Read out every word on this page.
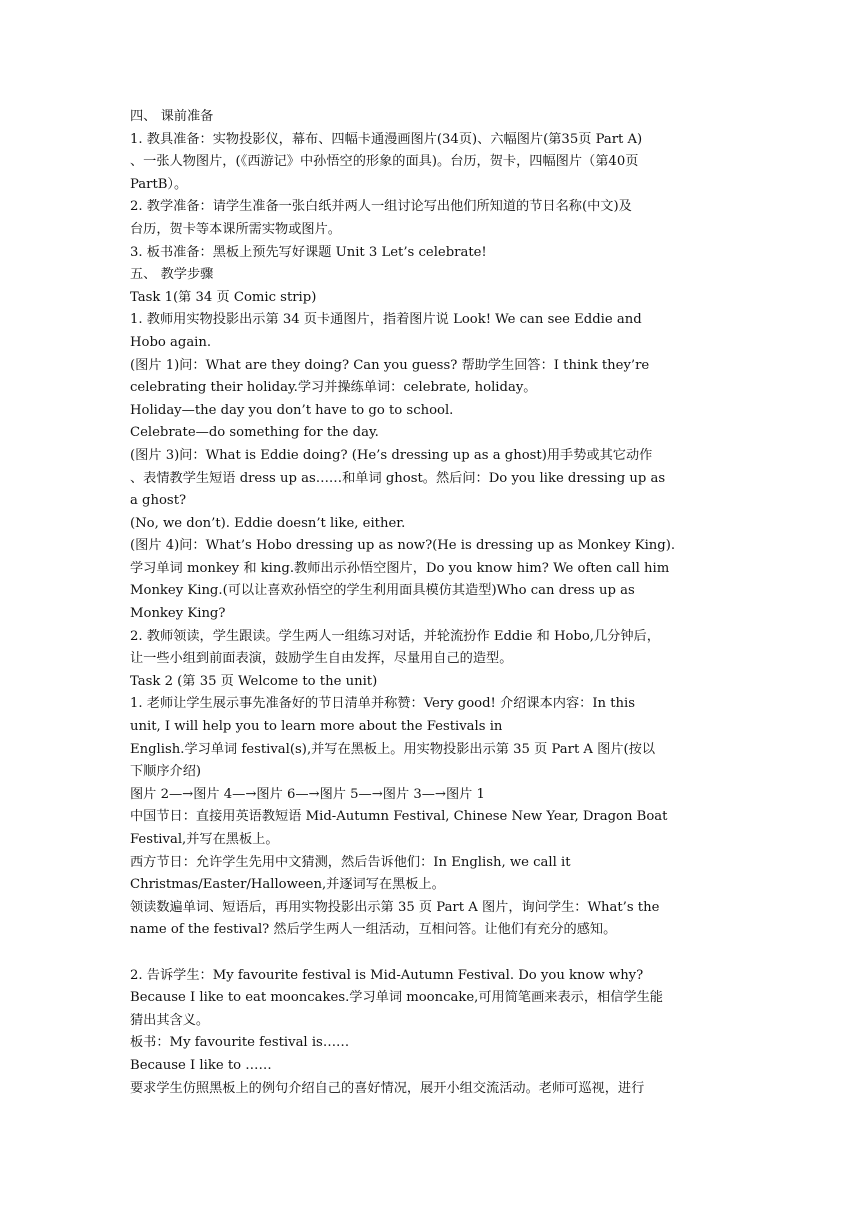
四、 课前准备
1. 教具准备：实物投影仪，幕布、四幅卡通漫画图片(34页)、六幅图片(第35页 Part A)
、一张人物图片，(《西游记》中孙悟空的形象的面具)。台历，贺卡，四幅图片（第40页
PartB）。
2. 教学准备：请学生准备一张白纸并两人一组讨论写出他们所知道的节日名称(中文)及
台历，贺卡等本课所需实物或图片。
3. 板书准备：黑板上预先写好课题 Unit 3 Let’s celebrate!
五、 教学步骤
Task 1(第 34 页 Comic strip)
1. 教师用实物投影出示第 34 页卡通图片，指着图片说 Look! We can see Eddie and
Hobo again.
(图片 1)问：What are they doing? Can you guess? 帮助学生回答：I think they’re
celebrating their holiday.学习并操练单词：celebrate, holiday。
Holiday—the day you don’t have to go to school.
Celebrate—do something for the day.
(图片 3)问：What is Eddie doing? (He’s dressing up as a ghost)用手势或其它动作
、表情教学生短语 dress up as……和单词 ghost。然后问：Do you like dressing up as
a ghost?
(No, we don’t). Eddie doesn’t like, either.
(图片 4)问：What’s Hobo dressing up as now?(He is dressing up as Monkey King).
学习单词 monkey 和 king.教师出示孙悟空图片，Do you know him? We often call him
Monkey King.(可以让喜欢孙悟空的学生利用面具模仿其造型)Who can dress up as
Monkey King?
2. 教师领读，学生跟读。学生两人一组练习对话，并轮流扮作 Eddie 和 Hobo,几分钟后，
让一些小组到前面表演，鼓励学生自由发挥，尽量用自己的造型。
Task 2 (第 35 页 Welcome to the unit)
1. 老师让学生展示事先准备好的节日清单并称赞：Very good! 介绍课本内容：In this
unit, I will help you to learn more about the Festivals in
English.学习单词 festival(s),并写在黑板上。用实物投影出示第 35 页 Part A 图片(按以
下顺序介绍)
图片 2—→图片 4—→图片 6—→图片 5—→图片 3—→图片 1
中国节日：直接用英语教短语 Mid-Autumn Festival, Chinese New Year, Dragon Boat
Festival,并写在黑板上。
西方节日：允许学生先用中文猜测，然后告诉他们：In English, we call it
Christmas/Easter/Halloween,并逐词写在黑板上。
领读数遍单词、短语后，再用实物投影出示第 35 页 Part A 图片，询问学生：What’s the
name of the festival? 然后学生两人一组活动，互相问答。让他们有充分的感知。
2. 告诉学生：My favourite festival is Mid-Autumn Festival. Do you know why?
Because I like to eat mooncakes.学习单词 mooncake,可用简笔画来表示，相信学生能
猜出其含义。
板书：My favourite festival is……
Because I like to ……
要求学生仿照黑板上的例句介绍自己的喜好情况，展开小组交流活动。老师可巡视，进行
